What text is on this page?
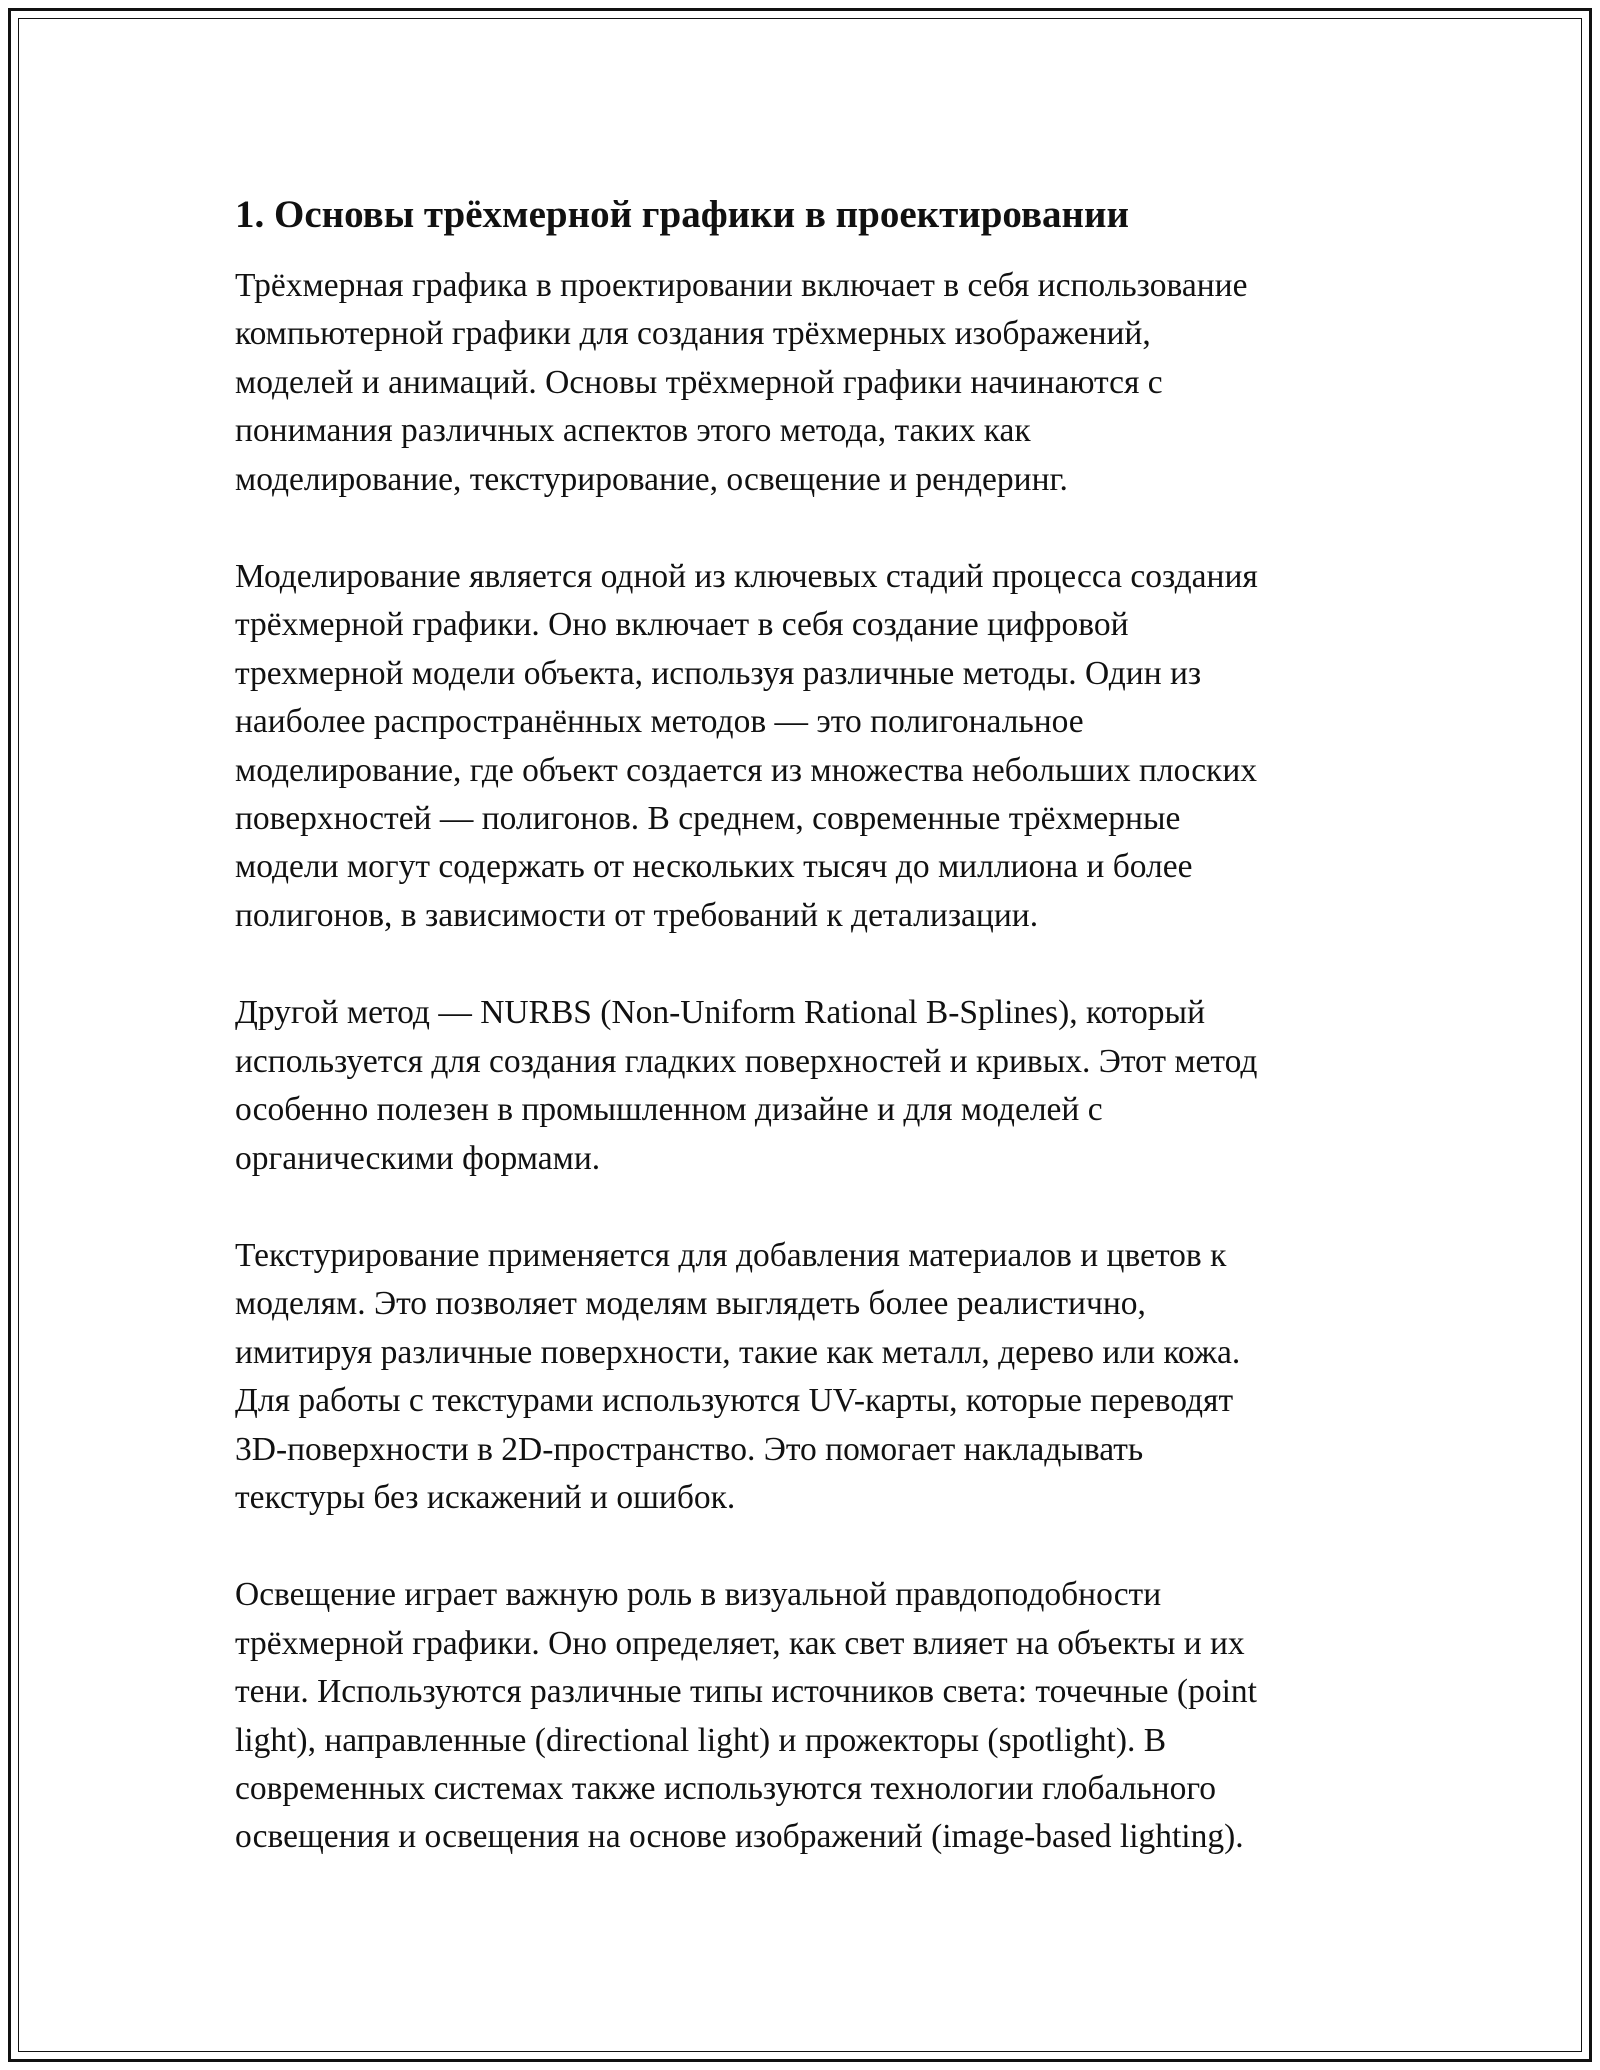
1. Основы трёхмерной графики в проектировании

Трёхмерная графика в проектировании включает в себя использование
компьютерной графики для создания трёхмерных изображений,
моделей и анимаций. Основы трёхмерной графики начинаются с
понимания различных аспектов этого метода, таких как
моделирование, текстурирование, освещение и рендеринг.

Моделирование является одной из ключевых стадий процесса создания
трёхмерной графики. Оно включает в себя создание цифровой
трехмерной модели объекта, используя различные методы. Один из
наиболее распространённых методов — это полигональное
моделирование, где объект создается из множества небольших плоских
поверхностей — полигонов. В среднем, современные трёхмерные
модели могут содержать от нескольких тысяч до миллиона и более
полигонов, в зависимости от требований к детализации.

Другой метод — NURBS (Non-Uniform Rational B-Splines), который
используется для создания гладких поверхностей и кривых. Этот метод
особенно полезен в промышленном дизайне и для моделей с
органическими формами.

Текстурирование применяется для добавления материалов и цветов к
моделям. Это позволяет моделям выглядеть более реалистично,
имитируя различные поверхности, такие как металл, дерево или кожа.
Для работы с текстурами используются UV-карты, которые переводят
3D-поверхности в 2D-пространство. Это помогает накладывать
текстуры без искажений и ошибок.

Освещение играет важную роль в визуальной правдоподобности
трёхмерной графики. Оно определяет, как свет влияет на объекты и их
тени. Используются различные типы источников света: точечные (point
light), направленные (directional light) и прожекторы (spotlight). В
современных системах также используются технологии глобального
освещения и освещения на основе изображений (image-based lighting).
